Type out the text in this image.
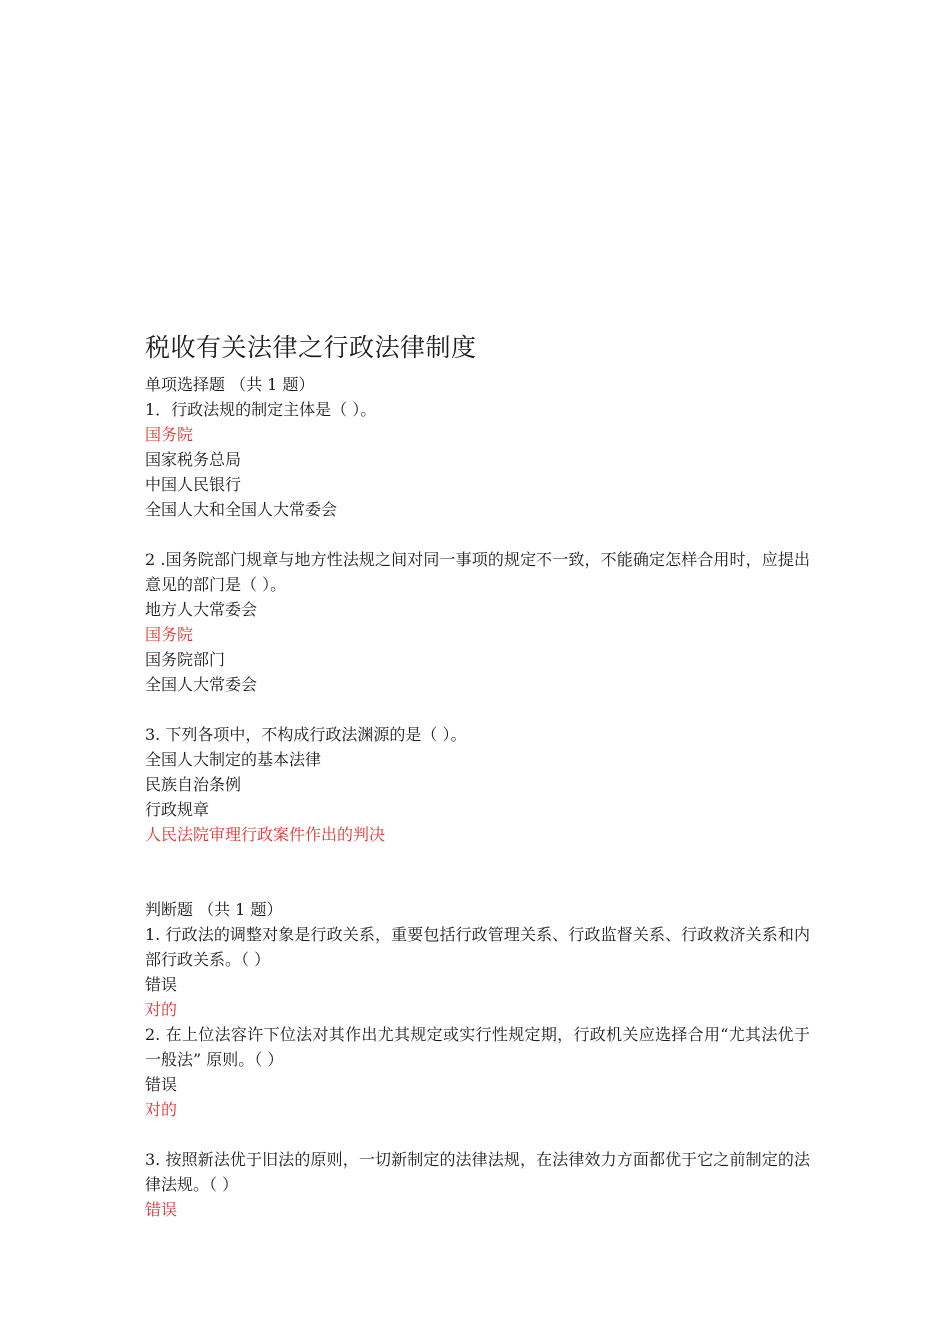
税收有关法律之行政法律制度

单项选择题 （共 1 题）

1．行政法规的制定主体是（ ）。

国务院

国家税务总局

中国人民银行

全国人大和全国人大常委会

2 .国务院部门规章与地方性法规之间对同一事项的规定不一致，不能确定怎样合用时，应提出意见的部门是（ ）。

地方人大常委会

国务院

国务院部门

全国人大常委会

3. 下列各项中，不构成行政法渊源的是（ ）。

全国人大制定的基本法律

民族自治条例

行政规章

人民法院审理行政案件作出的判决

判断题 （共 1 题）

1. 行政法的调整对象是行政关系，重要包括行政管理关系、行政监督关系、行政救济关系和内部行政关系。（ ）

错误

对的

2. 在上位法容许下位法对其作出尤其规定或实行性规定期，行政机关应选择合用“尤其法优于一般法” 原则。（ ）

错误

对的

3. 按照新法优于旧法的原则，一切新制定的法律法规，在法律效力方面都优于它之前制定的法律法规。（ ）

错误
